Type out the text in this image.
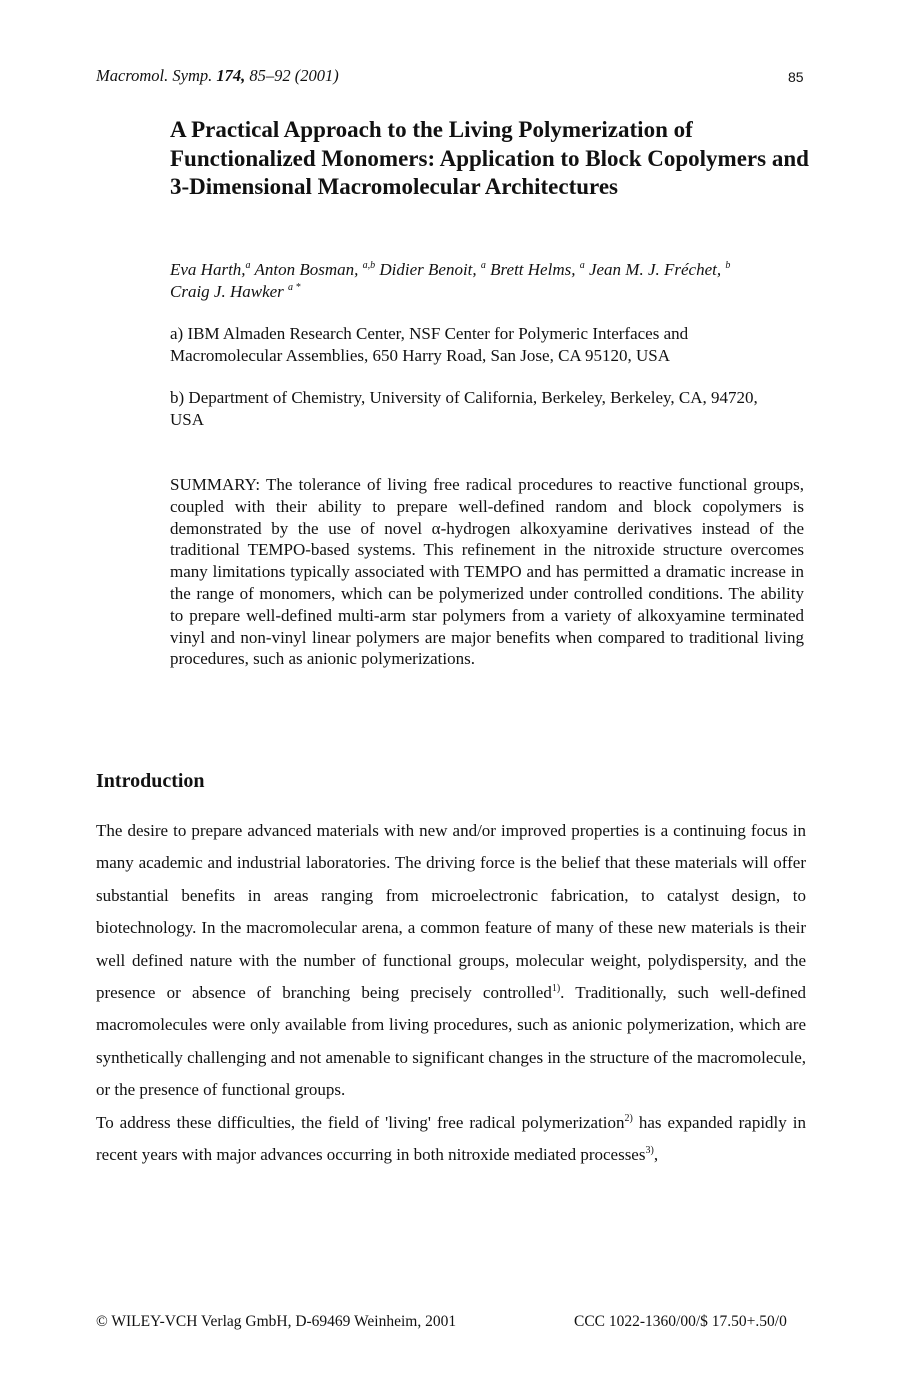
Macromol. Symp. 174, 85–92 (2001)	85
A Practical Approach to the Living Polymerization of Functionalized Monomers: Application to Block Copolymers and 3-Dimensional Macromolecular Architectures
Eva Harth,$^a$ Anton Bosman, $^{a,b}$ Didier Benoit, $^a$ Brett Helms, $^a$ Jean M. J. Fréchet, $^b$
Craig J. Hawker $^{a *}$
a) IBM Almaden Research Center, NSF Center for Polymeric Interfaces and Macromolecular Assemblies, 650 Harry Road, San Jose, CA 95120, USA
b) Department of Chemistry, University of California, Berkeley, Berkeley, CA, 94720, USA

SUMMARY: The tolerance of living free radical procedures to reactive functional groups, coupled with their ability to prepare well-defined random and block copolymers is demonstrated by the use of novel α-hydrogen alkoxyamine derivatives instead of the traditional TEMPO-based systems. This refinement in the nitroxide structure overcomes many limitations typically associated with TEMPO and has permitted a dramatic increase in the range of monomers, which can be polymerized under controlled conditions. The ability to prepare well-defined multi-arm star polymers from a variety of alkoxyamine terminated vinyl and non-vinyl linear polymers are major benefits when compared to traditional living procedures, such as anionic polymerizations.

Introduction

The desire to prepare advanced materials with new and/or improved properties is a continuing focus in many academic and industrial laboratories. The driving force is the belief that these materials will offer substantial benefits in areas ranging from microelectronic fabrication, to catalyst design, to biotechnology. In the macromolecular arena, a common feature of many of these new materials is their well defined nature with the number of functional groups, molecular weight, polydispersity, and the presence or absence of branching being precisely controlled$^{1)}$. Traditionally, such well-defined macromolecules were only available from living procedures, such as anionic polymerization, which are synthetically challenging and not amenable to significant changes in the structure of the macromolecule, or the presence of functional groups.

To address these difficulties, the field of 'living' free radical polymerization$^{2)}$ has expanded rapidly in recent years with major advances occurring in both nitroxide mediated processes$^{3)}$,

© WILEY-VCH Verlag GmbH, D-69469 Weinheim, 2001	CCC 1022-1360/00/$ 17.50+.50/0
